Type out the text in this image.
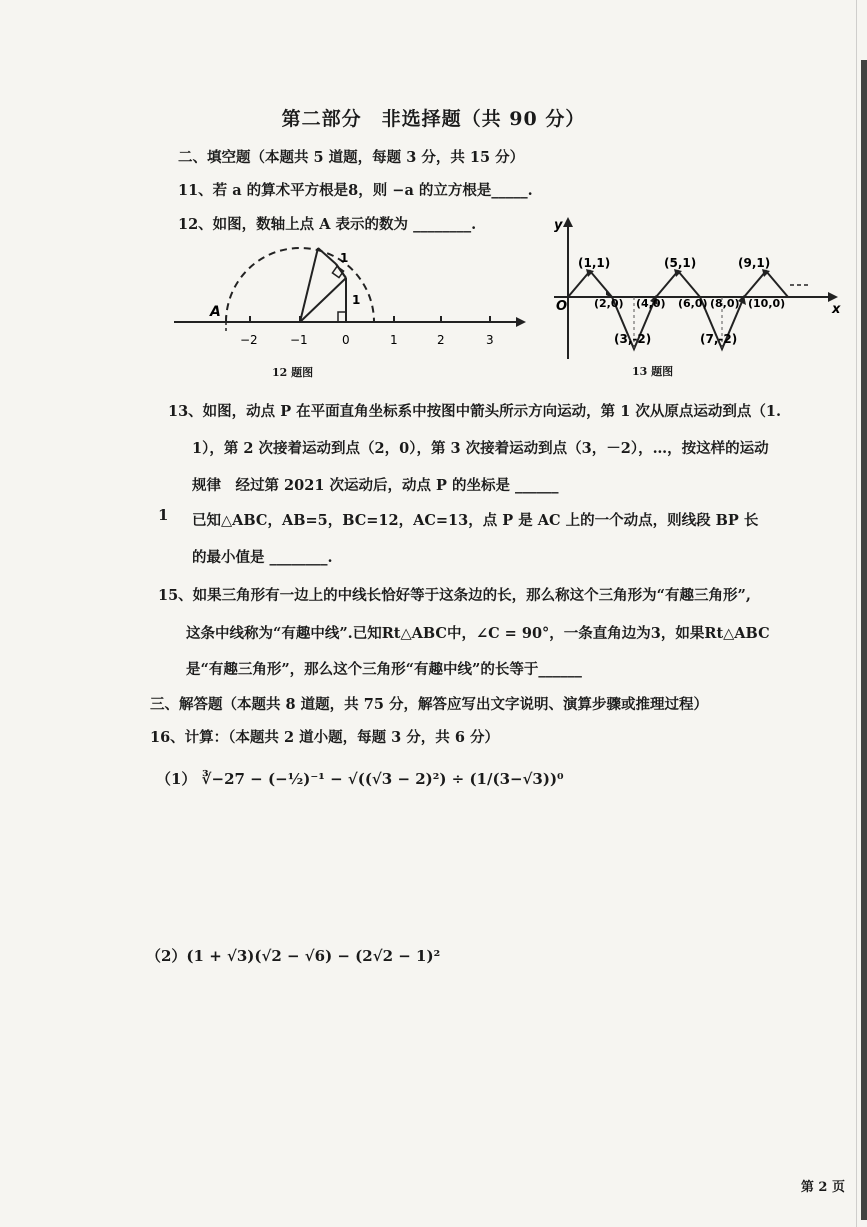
第二部分　非选择题（共 90 分）
二、填空题（本题共 5 道题，每题 3 分，共 15 分）
11、若 a 的算术平方根是8，则 −a 的立方根是_____.
12、如图，数轴上点 A 表示的数为 ________.
A
1
1
−2	−1	0	1	2	3
12 题图
y
x
O
(1,1)	(5,1)	(9,1)
(2,0) (4,0) (6,0) (8,0) (10,0)
(3,-2)	(7,-2)
13 题图
13、如图，动点 P 在平面直角坐标系中按图中箭头所示方向运动，第 1 次从原点运动到点（1.
1），第 2 次接着运动到点（2，0），第 3 次接着运动到点（3，－2），…，按这样的运动
规律　经过第 2021 次运动后，动点 P 的坐标是 ______
1 已知△ABC，AB=5，BC=12，AC=13，点 P 是 AC 上的一个动点，则线段 BP 长
的最小值是 ________.
15、如果三角形有一边上的中线长恰好等于这条边的长，那么称这个三角形为“有趣三角形”,
这条中线称为“有趣中线”.已知Rt△ABC中，∠C = 90°，一条直角边为3，如果Rt△ABC
是“有趣三角形”，那么这个三角形“有趣中线”的长等于______
三、解答题（本题共 8 道题，共 75 分，解答应写出文字说明、演算步骤或推理过程）
16、计算：（本题共 2 道小题，每题 3 分，共 6 分）
（1） ∛−27 − (−½)⁻¹ − √((√3 − 2)²) ÷ (1/(3−√3))⁰
（2）(1 + √3)(√2 − √6) − (2√2 − 1)²
第 2 页
